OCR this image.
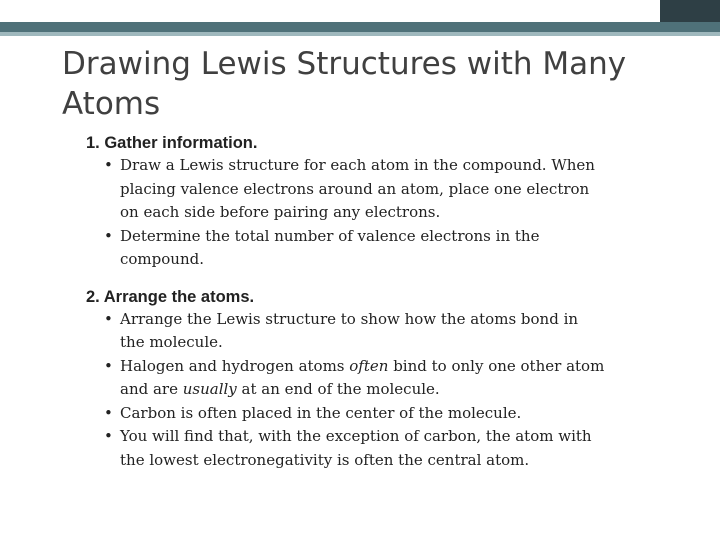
Drawing Lewis Structures with Many Atoms

1. Gather information.

• Draw a Lewis structure for each atom in the compound. When placing valence electrons around an atom, place one electron on each side before pairing any electrons.
• Determine the total number of valence electrons in the compound.

2. Arrange the atoms.

• Arrange the Lewis structure to show how the atoms bond in the molecule.
• Halogen and hydrogen atoms often bind to only one other atom and are usually at an end of the molecule.
• Carbon is often placed in the center of the molecule.
• You will find that, with the exception of carbon, the atom with the lowest electronegativity is often the central atom.
